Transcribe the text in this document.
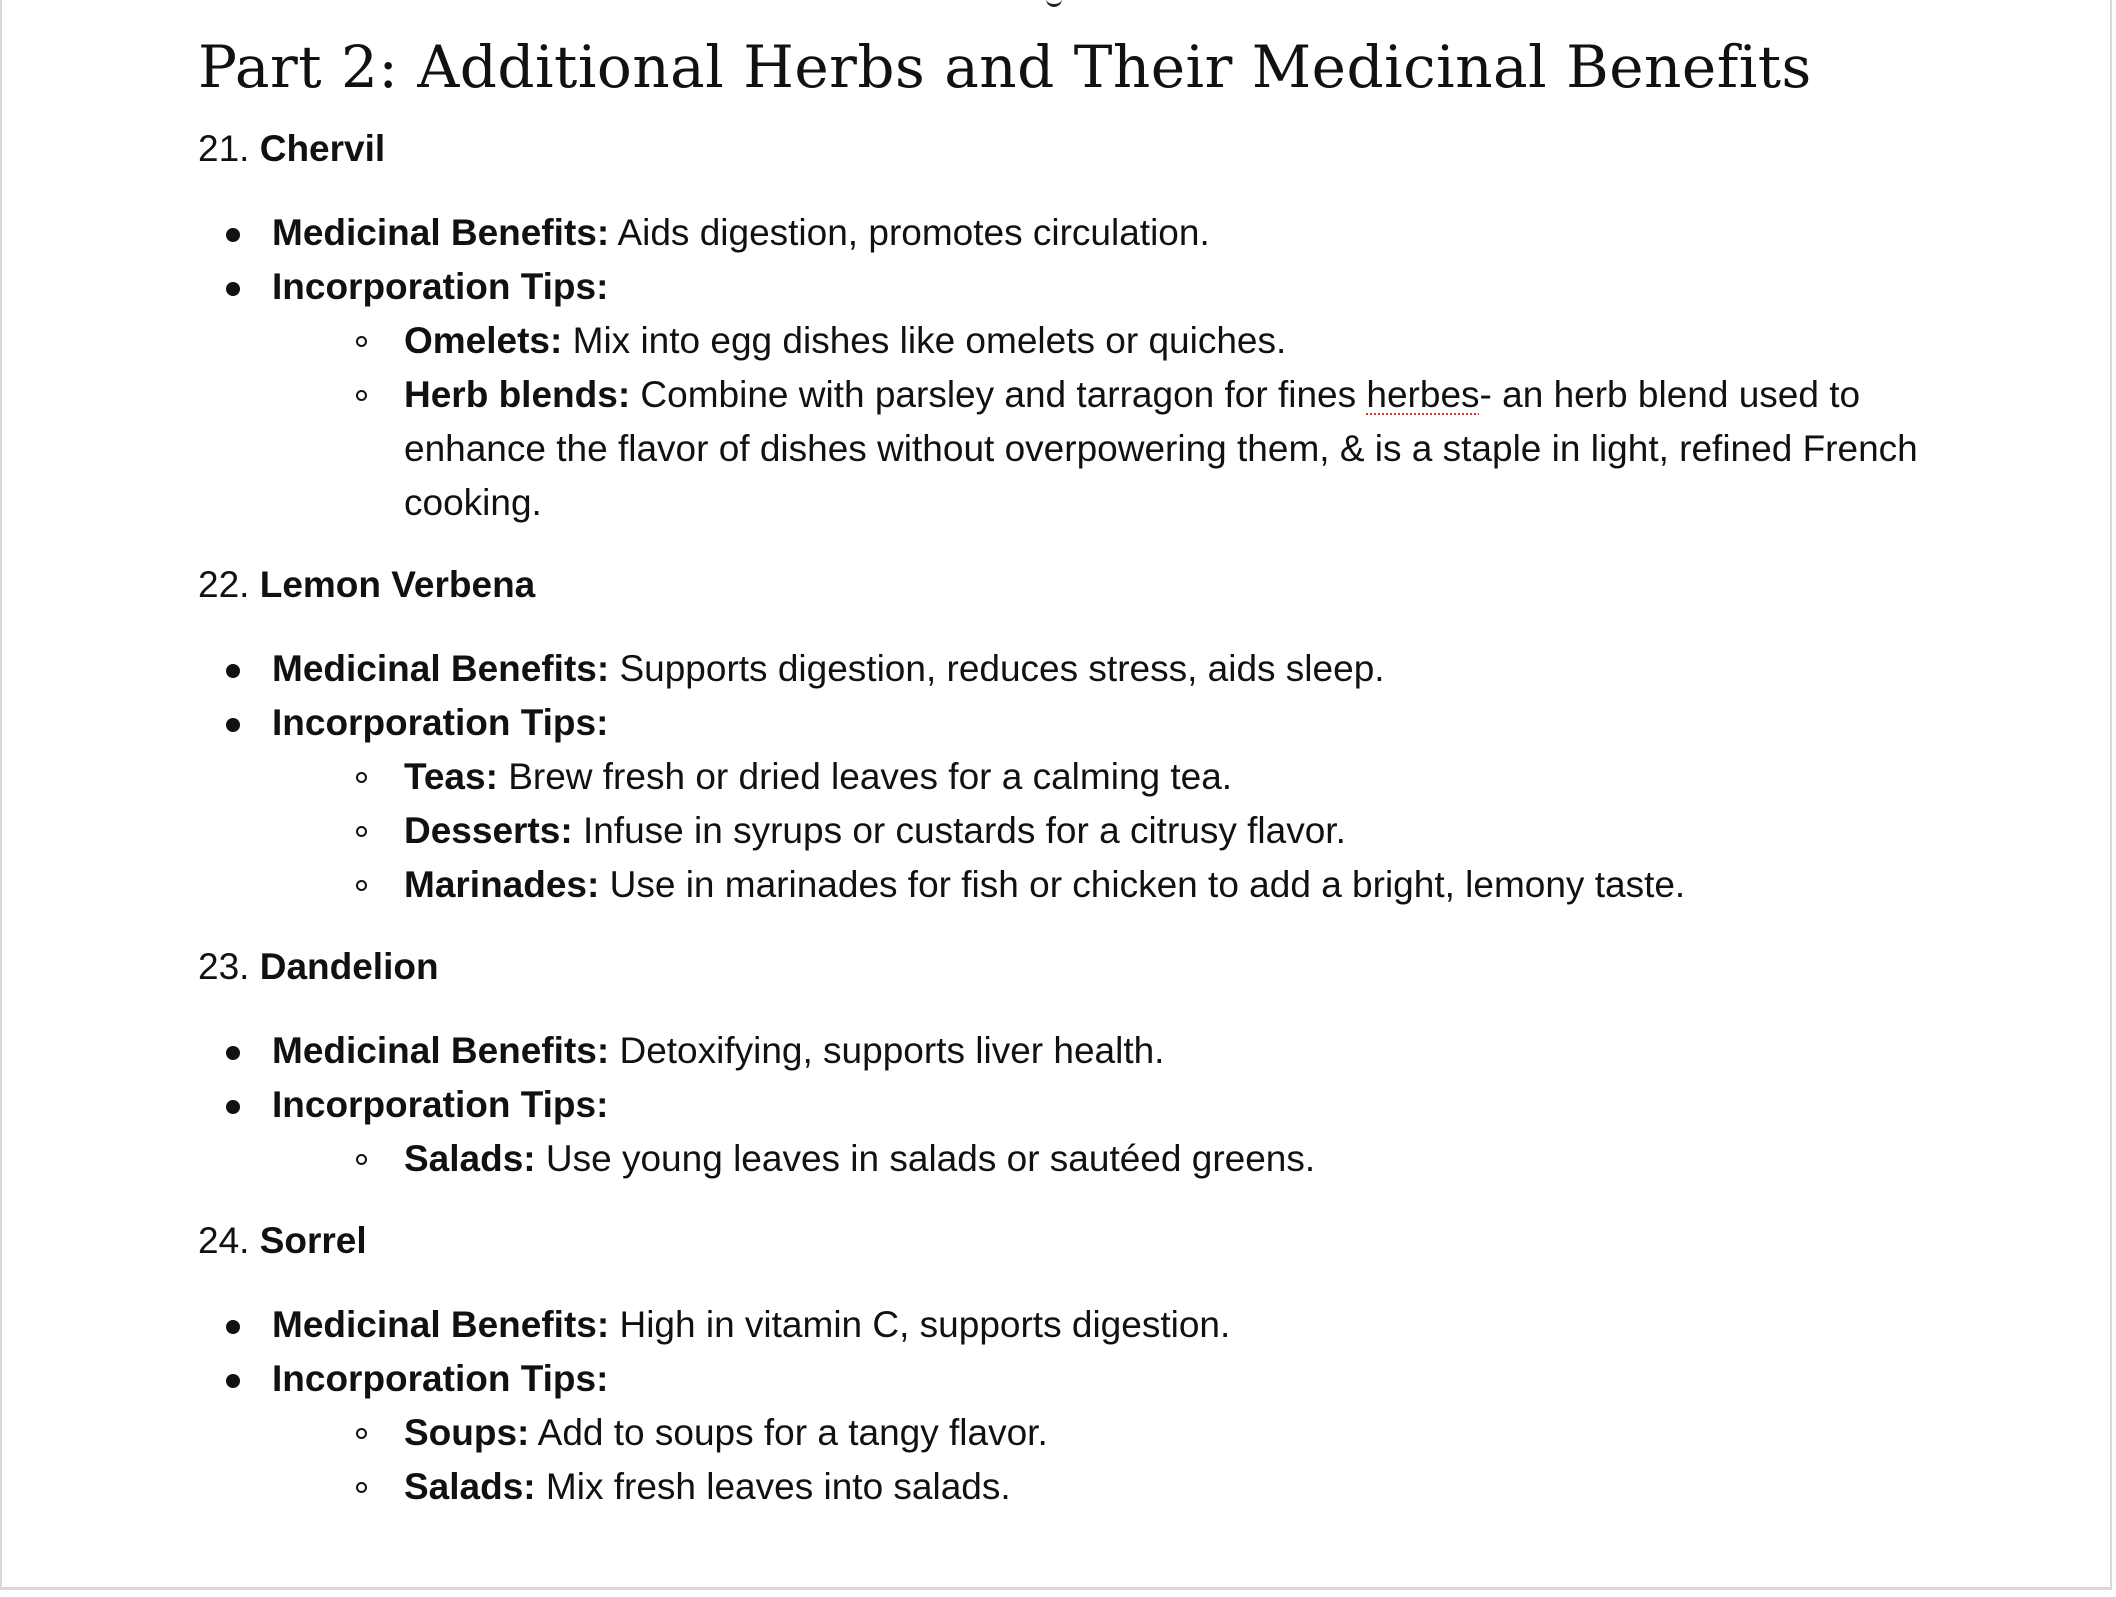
Part 2: Additional Herbs and Their Medicinal Benefits
21. Chervil
Medicinal Benefits: Aids digestion, promotes circulation.
Incorporation Tips:
Omelets: Mix into egg dishes like omelets or quiches.
Herb blends: Combine with parsley and tarragon for fines herbes- an herb blend used to enhance the flavor of dishes without overpowering them, & is a staple in light, refined French cooking.
22. Lemon Verbena
Medicinal Benefits: Supports digestion, reduces stress, aids sleep.
Incorporation Tips:
Teas: Brew fresh or dried leaves for a calming tea.
Desserts: Infuse in syrups or custards for a citrusy flavor.
Marinades: Use in marinades for fish or chicken to add a bright, lemony taste.
23. Dandelion
Medicinal Benefits: Detoxifying, supports liver health.
Incorporation Tips:
Salads: Use young leaves in salads or sautéed greens.
24. Sorrel
Medicinal Benefits: High in vitamin C, supports digestion.
Incorporation Tips:
Soups: Add to soups for a tangy flavor.
Salads: Mix fresh leaves into salads.
